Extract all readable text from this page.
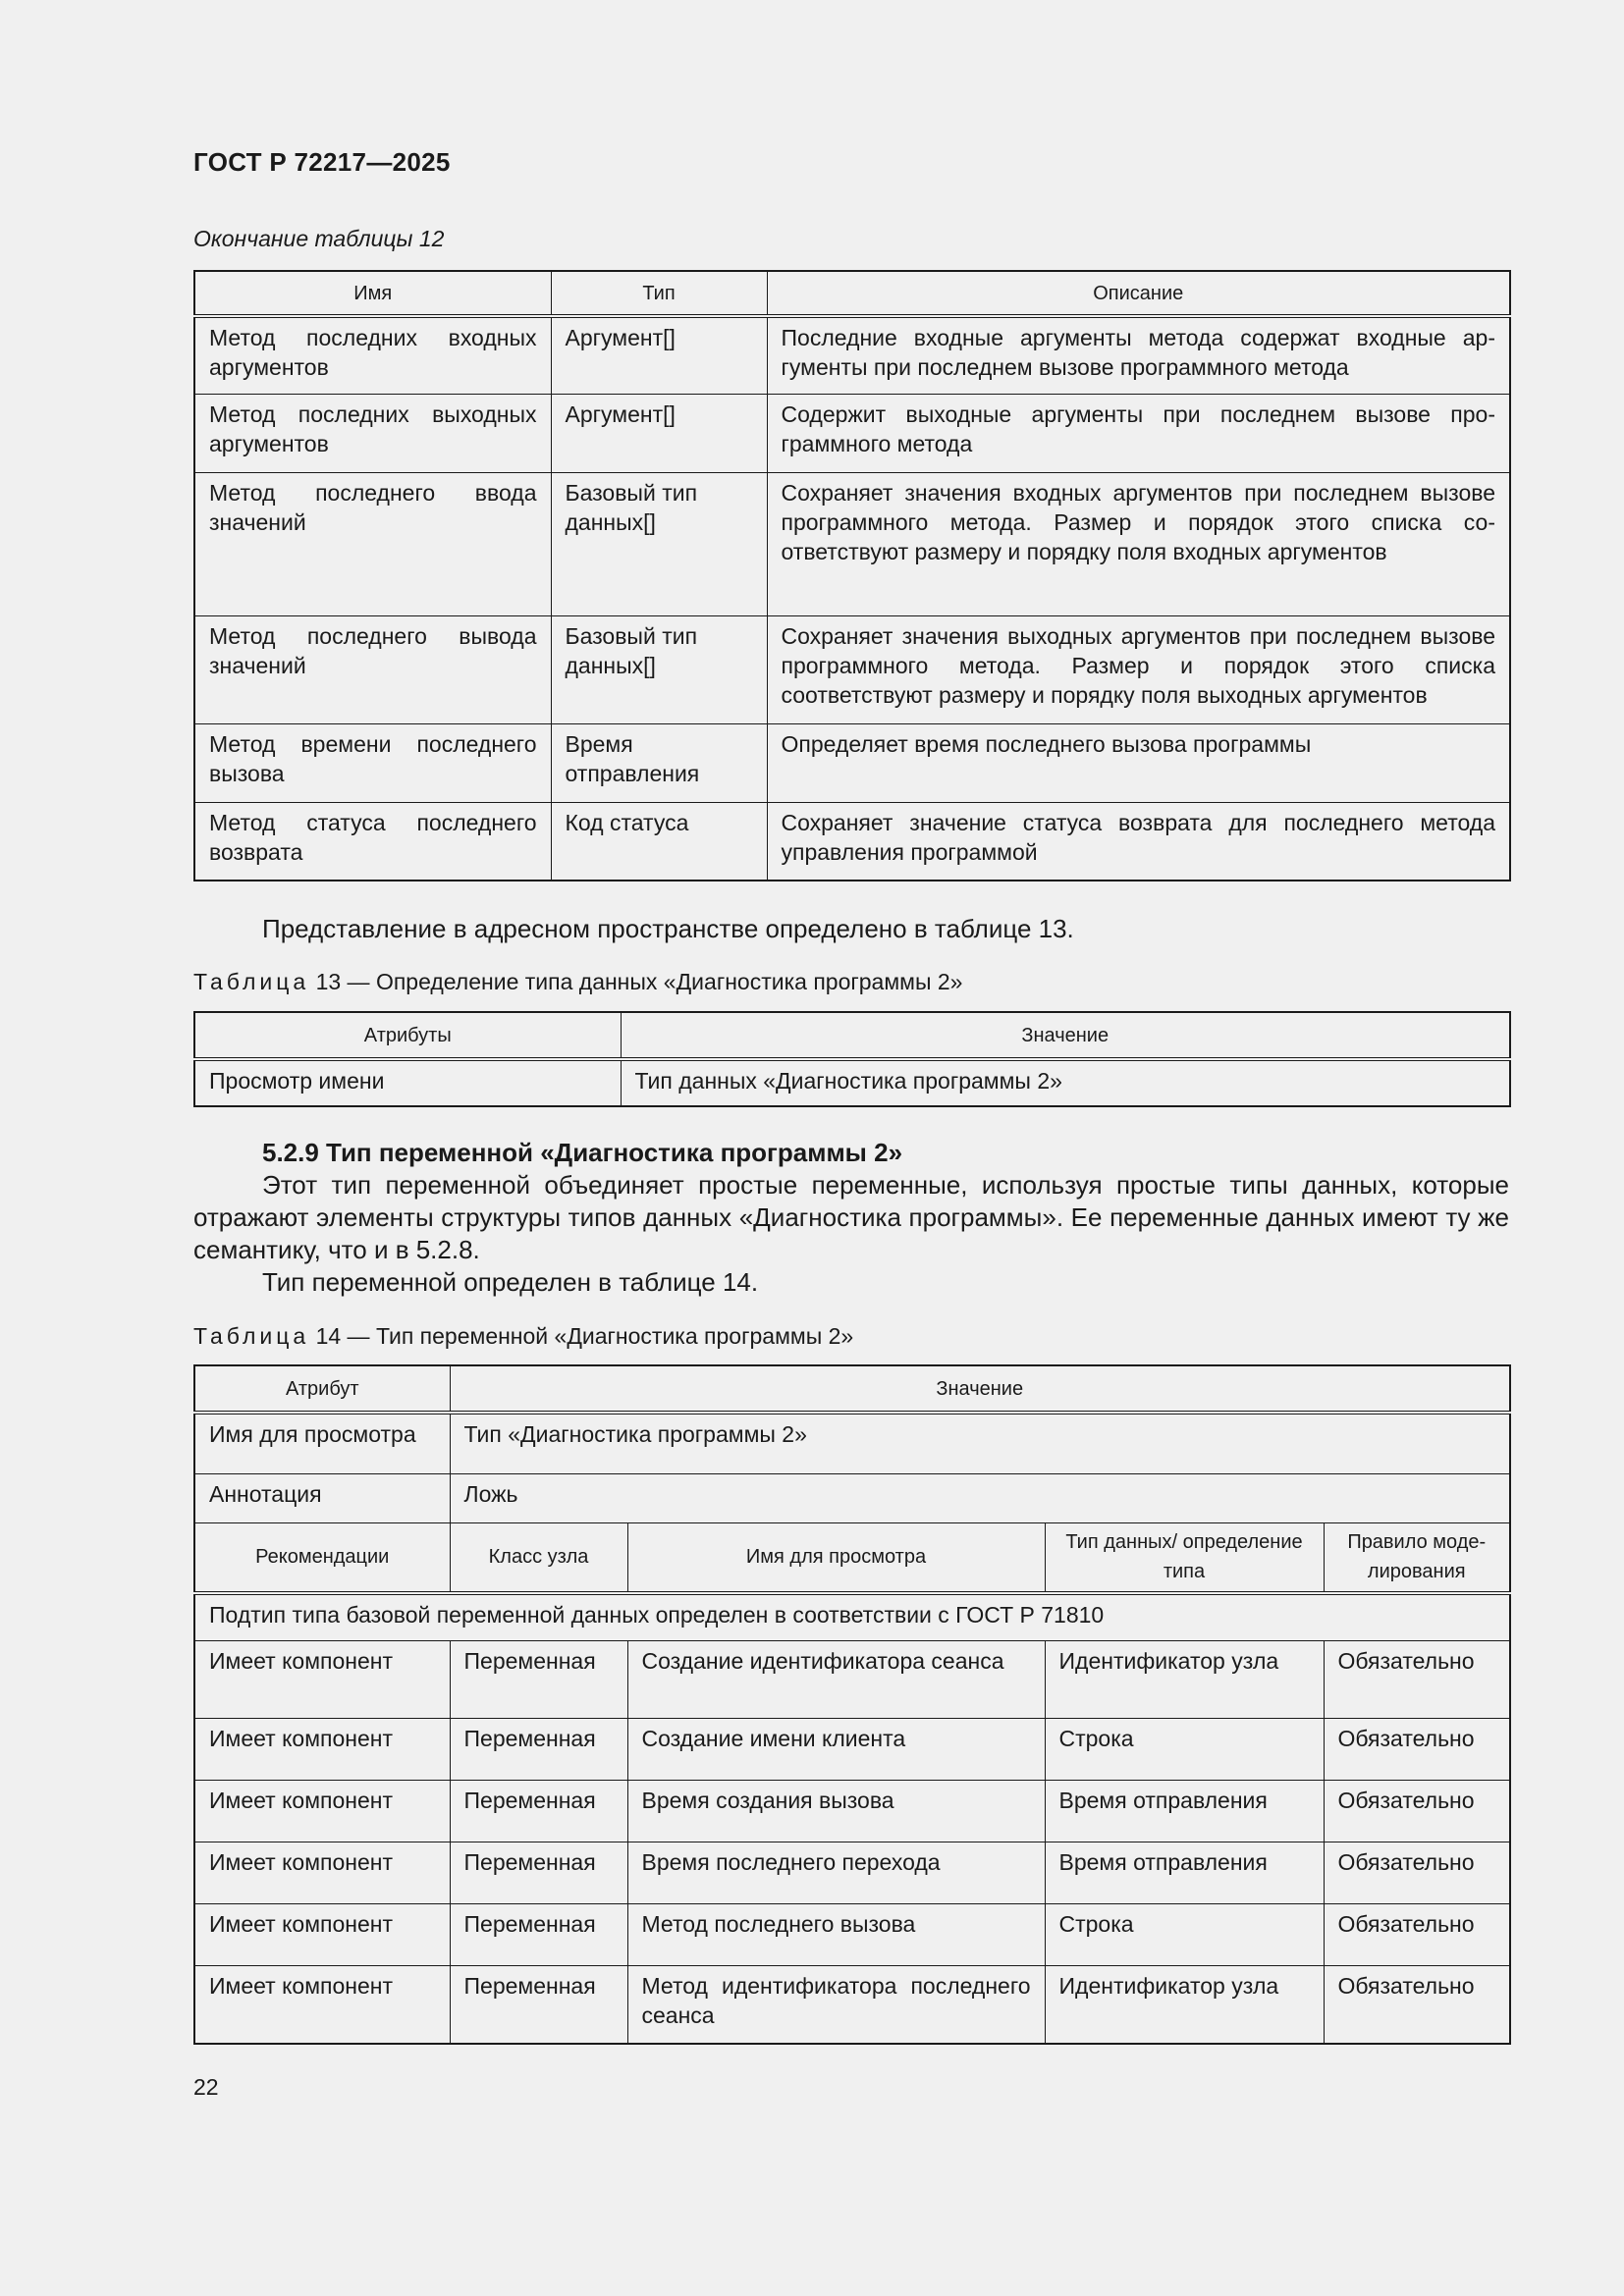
ГОСТ Р 72217—2025
Окончание таблицы 12
Имя	Тип	Описание
Метод последних входных аргументов	Аргумент[]	Последние входные аргументы метода содержат входные аргументы при последнем вызове программного метода
Метод последних выходных аргументов	Аргумент[]	Содержит выходные аргументы при последнем вызове программного метода
Метод последнего ввода значений	Базовый тип данных[]	Сохраняет значения входных аргументов при последнем вызове программного метода. Размер и порядок этого списка соответствуют размеру и порядку поля входных аргументов
Метод последнего вывода значений	Базовый тип данных[]	Сохраняет значения выходных аргументов при последнем вызове программного метода. Размер и порядок этого списка соответствуют размеру и порядку поля выходных аргументов
Метод времени последнего вызова	Время отправления	Определяет время последнего вызова программы
Метод статуса последнего возврата	Код статуса	Сохраняет значение статуса возврата для последнего метода управления программой
Представление в адресном пространстве определено в таблице 13.
Таблица 13 — Определение типа данных «Диагностика программы 2»
Атрибуты	Значение
Просмотр имени	Тип данных «Диагностика программы 2»
5.2.9 Тип переменной «Диагностика программы 2»
Этот тип переменной объединяет простые переменные, используя простые типы данных, которые отражают элементы структуры типов данных «Диагностика программы». Ее переменные данных имеют ту же семантику, что и в 5.2.8.
Тип переменной определен в таблице 14.
Таблица 14 — Тип переменной «Диагностика программы 2»
Атрибут	Значение			
Имя для просмотра	Тип «Диагностика программы 2»			
Аннотация	Ложь			
Рекомендации	Класс узла	Имя для просмотра	Тип данных/ определение типа	Правило моделирования
Подтип типа базовой переменной данных определен в соответствии с ГОСТ Р 71810				
Имеет компонент	Переменная	Создание идентификатора сеанса	Идентификатор узла	Обязательно
Имеет компонент	Переменная	Создание имени клиента	Строка	Обязательно
Имеет компонент	Переменная	Время создания вызова	Время отправления	Обязательно
Имеет компонент	Переменная	Время последнего перехода	Время отправления	Обязательно
Имеет компонент	Переменная	Метод последнего вызова	Строка	Обязательно
Имеет компонент	Переменная	Метод идентификатора последнего сеанса	Идентификатор узла	Обязательно
22
